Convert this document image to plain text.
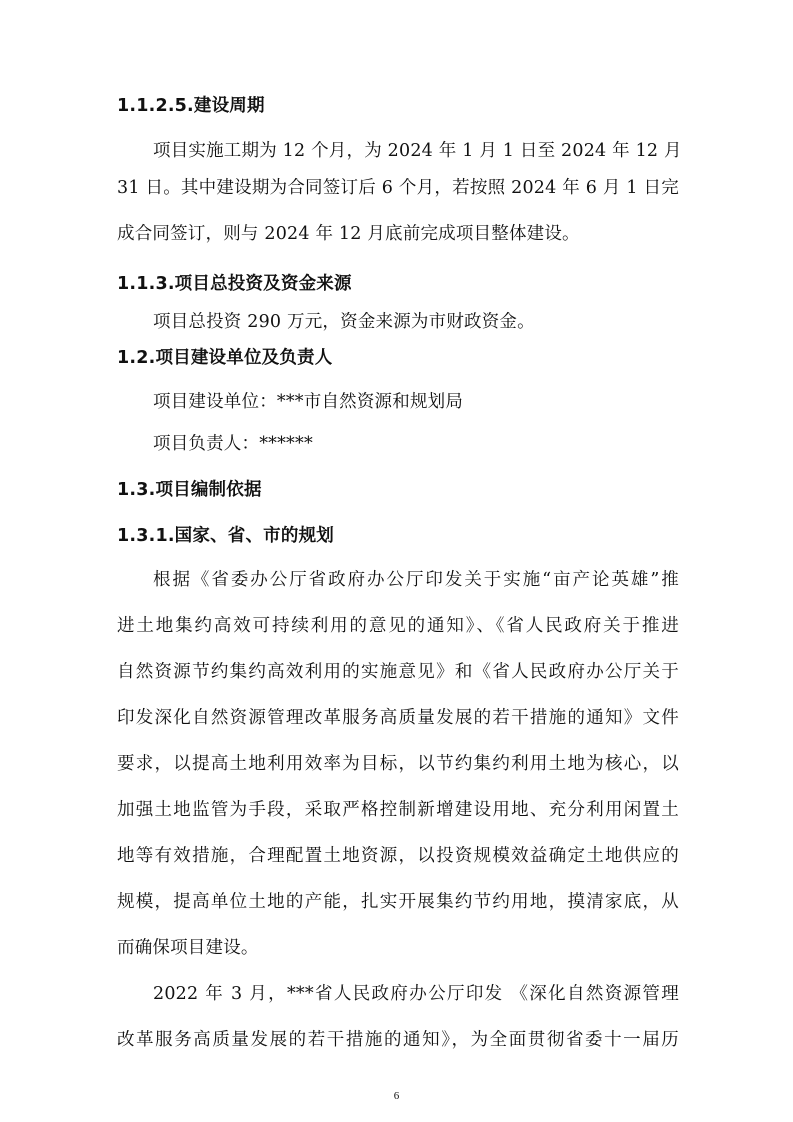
6
1.1.2.5.建设周期
项目实施工期为 12 个月，为 2024 年 1 月 1 日至 2024 年 12 月
31 日。其中建设期为合同签订后 6 个月，若按照 2024 年 6 月 1 日完
成合同签订，则与 2024 年 12 月底前完成项目整体建设。
1.1.3.项目总投资及资金来源
项目总投资 290 万元，资金来源为市财政资金。
1.2.项目建设单位及负责人
项目建设单位：***市自然资源和规划局
项目负责人：******
1.3.项目编制依据
1.3.1.国家、省、市的规划
根据《省委办公厅省政府办公厅印发关于实施“亩产论英雄”推
进土地集约高效可持续利用的意见的通知》、《省人民政府关于推进
自然资源节约集约高效利用的实施意见》和《省人民政府办公厅关于
印发深化自然资源管理改革服务高质量发展的若干措施的通知》文件
要求，以提高土地利用效率为目标，以节约集约利用土地为核心，以
加强土地监管为手段，采取严格控制新增建设用地、充分利用闲置土
地等有效措施，合理配置土地资源，以投资规模效益确定土地供应的
规模，提高单位土地的产能，扎实开展集约节约用地，摸清家底，从
而确保项目建设。
2022 年 3 月，***省人民政府办公厅印发 《深化自然资源管理
改革服务高质量发展的若干措施的通知》，为全面贯彻省委十一届历
